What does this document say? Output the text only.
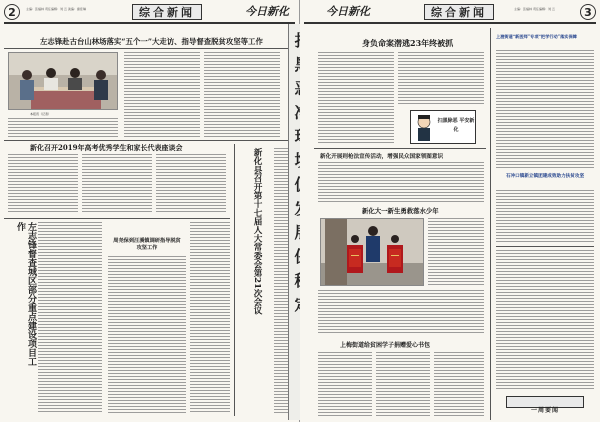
2	主编：张福林 责任编辑：刘 云 美编：谢佳琳	综合新闻	今日新化
左志锋赴古台山林场落实“五个一”大走访、指导督查脱贫攻坚等工作
本报讯（记者）
新化召开2019年高考优秀学生和家长代表座谈会
左志锋督查城区部分重点建设项目工作
周尧保到汪溪镇调研指导脱贫攻坚工作	新化县召开第十七届人大常委会第21次会议
今日新化	综合新闻	主编：张福林 责任编辑：刘 云	3
身负命案潜逃23年终被抓
扫黑除恶 平安新化
新化开展则枪法宣传活动，增强民众国家领图意识
新化大一新生勇救落水少年
上梅街道给贫困学子捐赠爱心书包
上渡街道“新医师”专项“把学行动”落实保障
石冲口镇新立镇团建成效助力扶贫攻坚
一周要闻
